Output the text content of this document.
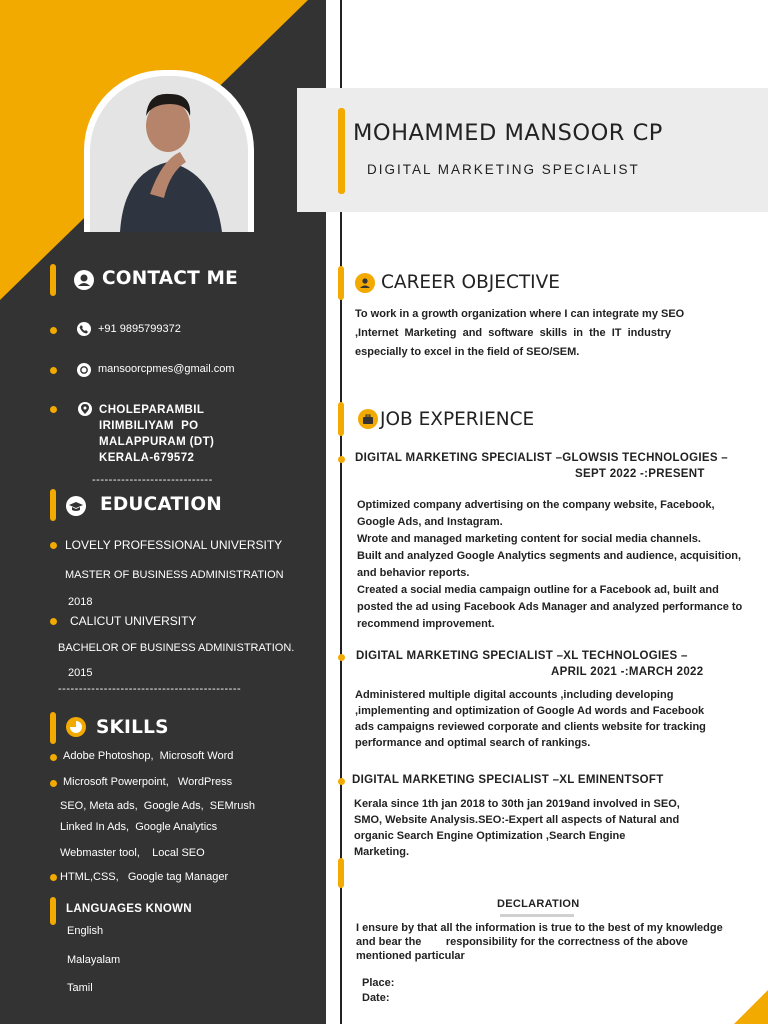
CONTACT ME
+91 9895799372
mansoorcpmes@gmail.com
CHOLEPARAMBIL
IRIMBILIYAM  PO
MALAPPURAM (DT)
KERALA-679572
-----------------------------
EDUCATION
LOVELY PROFESSIONAL UNIVERSITY
MASTER OF BUSINESS ADMINISTRATION
2018
CALICUT UNIVERSITY
BACHELOR OF BUSINESS ADMINISTRATION.
2015
--------------------------------------------
SKILLS
Adobe Photoshop,  Microsoft Word
Microsoft Powerpoint,   WordPress
SEO, Meta ads,  Google Ads,  SEMrush
Linked In Ads,  Google Analytics
Webmaster tool,    Local SEO
HTML,CSS,   Google tag Manager
LANGUAGES KNOWN
English
Malayalam
Tamil
MOHAMMED MANSOOR CP
DIGITAL MARKETING SPECIALIST
CAREER OBJECTIVE
To work in a growth organization where I can integrate my SEO
,Internet  Marketing  and  software  skills  in  the  IT  industry
especially to excel in the field of SEO/SEM.
JOB EXPERIENCE
DIGITAL MARKETING SPECIALIST –GLOWSIS TECHNOLOGIES –
SEPT 2022 -:PRESENT
Optimized company advertising on the company website, Facebook,
Google Ads, and Instagram.
Wrote and managed marketing content for social media channels.
Built and analyzed Google Analytics segments and audience, acquisition,
and behavior reports.
Created a social media campaign outline for a Facebook ad, built and
posted the ad using Facebook Ads Manager and analyzed performance to
recommend improvement.
DIGITAL MARKETING SPECIALIST –XL TECHNOLOGIES –
APRIL 2021 -:MARCH 2022
Administered multiple digital accounts ,including developing
,implementing and optimization of Google Ad words and Facebook
ads campaigns reviewed corporate and clients website for tracking
performance and optimal search of rankings.
DIGITAL MARKETING SPECIALIST –XL EMINENTSOFT
Kerala since 1th jan 2018 to 30th jan 2019and involved in SEO,
SMO, Website Analysis.SEO:-Expert all aspects of Natural and
organic Search Engine Optimization ,Search Engine
Marketing.
DECLARATION
I ensure by that all the information is true to the best of my knowledge
and bear the        responsibility for the correctness of the above
mentioned particular
Place:
Date:
